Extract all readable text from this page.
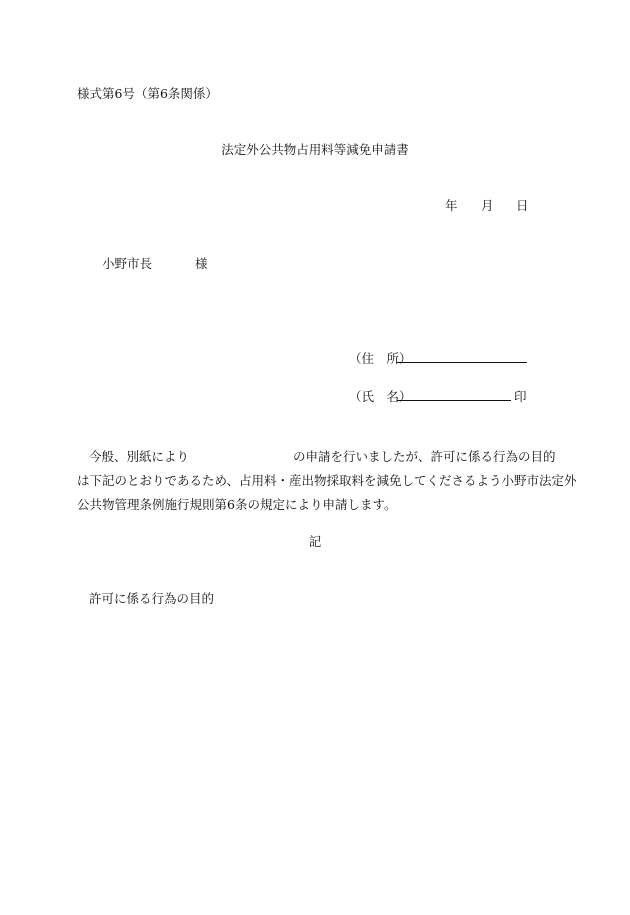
様式第6号（第6条関係）
法定外公共物占用料等減免申請書
年 月 日
小野市長	様
（住　所）
（氏　名）	印
今般、別紙により	の申請を行いましたが、許可に係る行為の目的
は下記のとおりであるため、占用料・産出物採取料を減免してくださるよう小野市法定外
公共物管理条例施行規則第6条の規定により申請します。
記
許可に係る行為の目的
